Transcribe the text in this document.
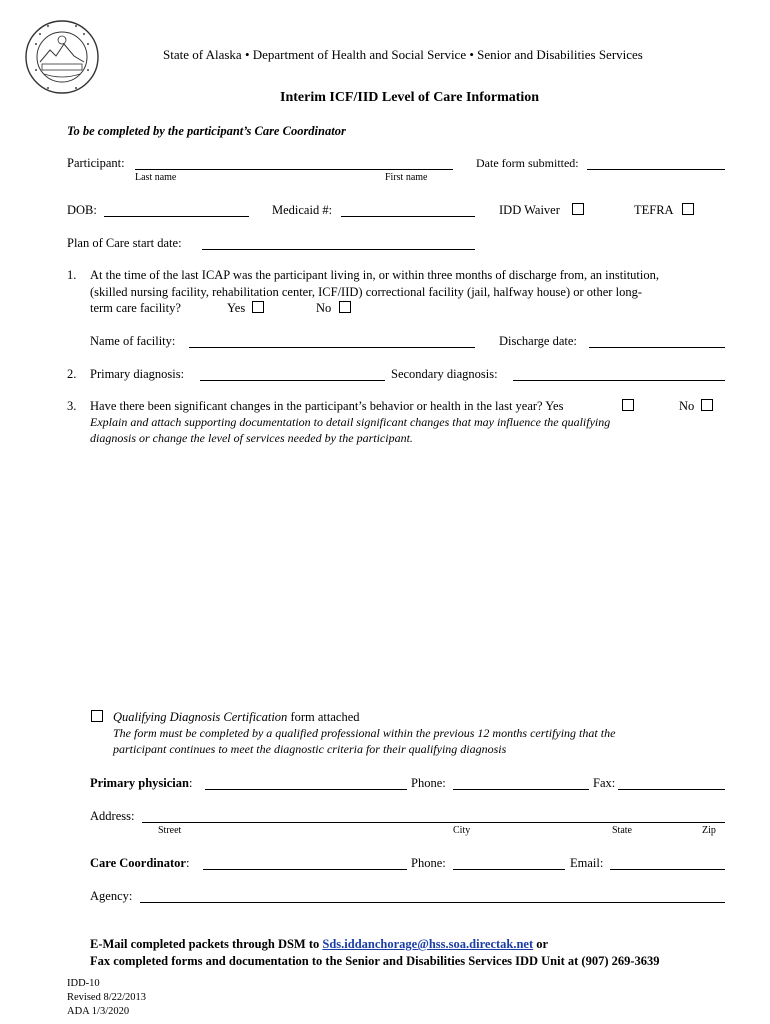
State of Alaska • Department of Health and Social Service • Senior and Disabilities Services
Interim ICF/IID Level of Care Information
To be completed by the participant’s Care Coordinator
Participant:
Last name	First name
Date form submitted:
DOB:	Medicaid #:	IDD Waiver	TEFRA
Plan of Care start date:
1. At the time of the last ICAP was the participant living in, or within three months of discharge from, an institution,
(skilled nursing facility, rehabilitation center, ICF/IID) correctional facility (jail, halfway house) or other long-
term care facility?	Yes	No
Name of facility:	Discharge date:
2. Primary diagnosis:	Secondary diagnosis:
3. Have there been significant changes in the participant’s behavior or health in the last year? Yes	No
Explain and attach supporting documentation to detail significant changes that may influence the qualifying
diagnosis or change the level of services needed by the participant.
Qualifying Diagnosis Certification form attached
The form must be completed by a qualified professional within the previous 12 months certifying that the
participant continues to meet the diagnostic criteria for their qualifying diagnosis
Primary physician:	Phone:	Fax:
Address:
Street	City	State	Zip
Care Coordinator:	Phone:	Email:
Agency:
E-Mail completed packets through DSM to Sds.iddanchorage@hss.soa.directak.net or
Fax completed forms and documentation to the Senior and Disabilities Services IDD Unit at (907) 269-3639
IDD-10
Revised 8/22/2013
ADA 1/3/2020
